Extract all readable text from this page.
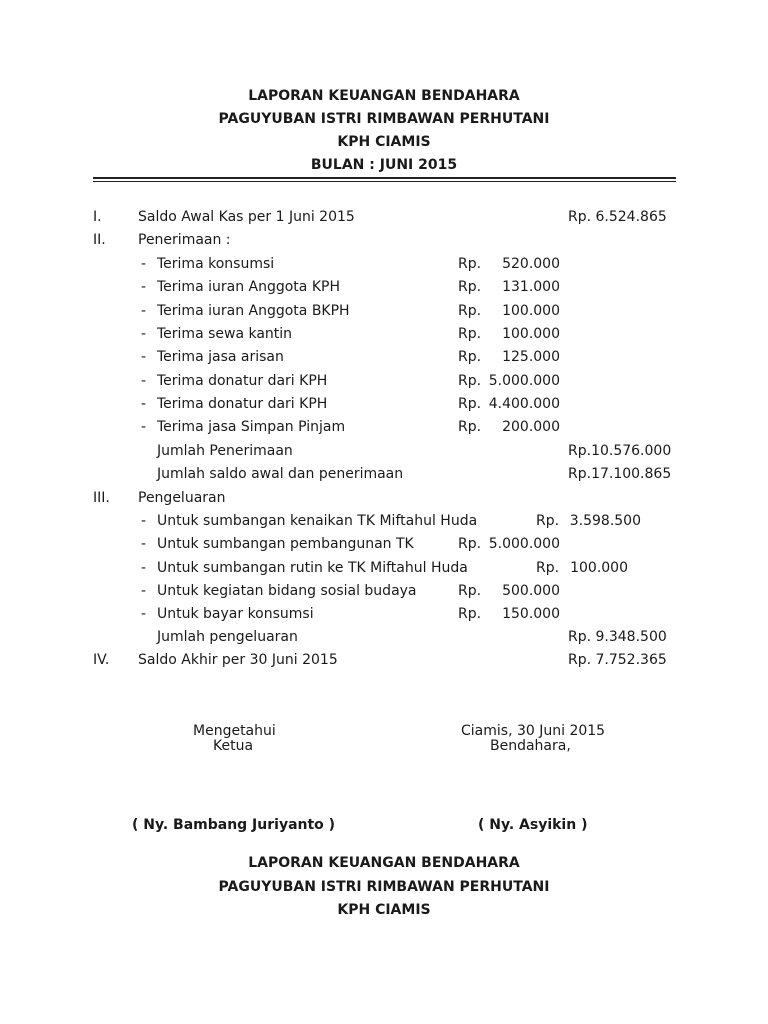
LAPORAN KEUANGAN BENDAHARA
PAGUYUBAN ISTRI RIMBAWAN PERHUTANI
KPH CIAMIS
BULAN : JUNI 2015
I.	Saldo Awal Kas per 1 Juni 2015	Rp. 6.524.865
II. Penerimaan :
- Terima konsumsi	Rp. 520.000
- Terima iuran Anggota KPH	Rp. 131.000
- Terima iuran Anggota BKPH	Rp. 100.000
- Terima sewa kantin	Rp. 100.000
- Terima jasa arisan	Rp. 125.000
- Terima donatur dari KPH	Rp. 5.000.000
- Terima donatur dari KPH	Rp. 4.400.000
- Terima jasa Simpan Pinjam	Rp. 200.000
Jumlah Penerimaan	Rp.10.576.000
Jumlah saldo awal dan penerimaan	Rp.17.100.865
III. Pengeluaran
- Untuk sumbangan kenaikan TK Miftahul Huda	Rp. 3.598.500
- Untuk sumbangan pembangunan TK	Rp. 5.000.000
- Untuk sumbangan rutin ke TK Miftahul Huda	Rp. 100.000
- Untuk kegiatan bidang sosial budaya	Rp. 500.000
- Untuk bayar konsumsi	Rp. 150.000
Jumlah pengeluaran	Rp. 9.348.500
IV. Saldo Akhir per 30 Juni 2015	Rp. 7.752.365
Mengetahui
Ketua
Ciamis, 30 Juni 2015
Bendahara,
( Ny. Bambang Juriyanto )	( Ny. Asyikin )
LAPORAN KEUANGAN BENDAHARA
PAGUYUBAN ISTRI RIMBAWAN PERHUTANI
KPH CIAMIS
